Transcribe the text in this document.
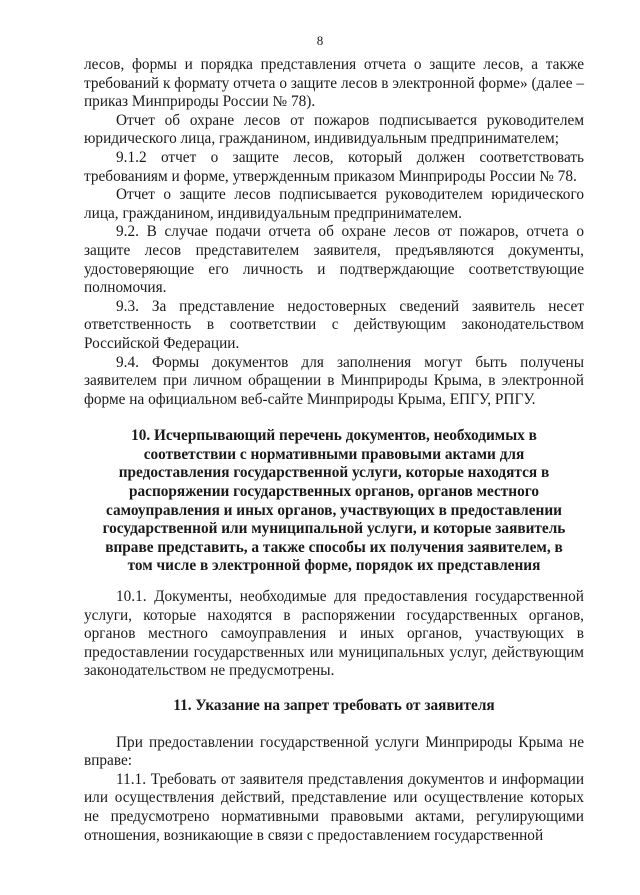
8

лесов, формы и порядка представления отчета о защите лесов, а также требований к формату отчета о защите лесов в электронной форме» (далее – приказ Минприроды России № 78).

Отчет об охране лесов от пожаров подписывается руководителем юридического лица, гражданином, индивидуальным предпринимателем;

9.1.2 отчет о защите лесов, который должен соответствовать требованиям и форме, утвержденным приказом Минприроды России № 78.

Отчет о защите лесов подписывается руководителем юридического лица, гражданином, индивидуальным предпринимателем.

9.2. В случае подачи отчета об охране лесов от пожаров, отчета о защите лесов представителем заявителя, предъявляются документы, удостоверяющие его личность и подтверждающие соответствующие полномочия.

9.3. За представление недостоверных сведений заявитель несет ответственность в соответствии с действующим законодательством Российской Федерации.

9.4. Формы документов для заполнения могут быть получены заявителем при личном обращении в Минприроды Крыма, в электронной форме на официальном веб-сайте Минприроды Крыма, ЕПГУ, РПГУ.

10. Исчерпывающий перечень документов, необходимых в соответствии с нормативными правовыми актами для предоставления государственной услуги, которые находятся в распоряжении государственных органов, органов местного самоуправления и иных органов, участвующих в предоставлении государственной или муниципальной услуги, и которые заявитель вправе представить, а также способы их получения заявителем, в том числе в электронной форме, порядок их представления

10.1. Документы, необходимые для предоставления государственной услуги, которые находятся в распоряжении государственных органов, органов местного самоуправления и иных органов, участвующих в предоставлении государственных или муниципальных услуг, действующим законодательством не предусмотрены.

11. Указание на запрет требовать от заявителя

При предоставлении государственной услуги Минприроды Крыма не вправе:

11.1. Требовать от заявителя представления документов и информации или осуществления действий, представление или осуществление которых не предусмотрено нормативными правовыми актами, регулирующими отношения, возникающие в связи с предоставлением государственной
